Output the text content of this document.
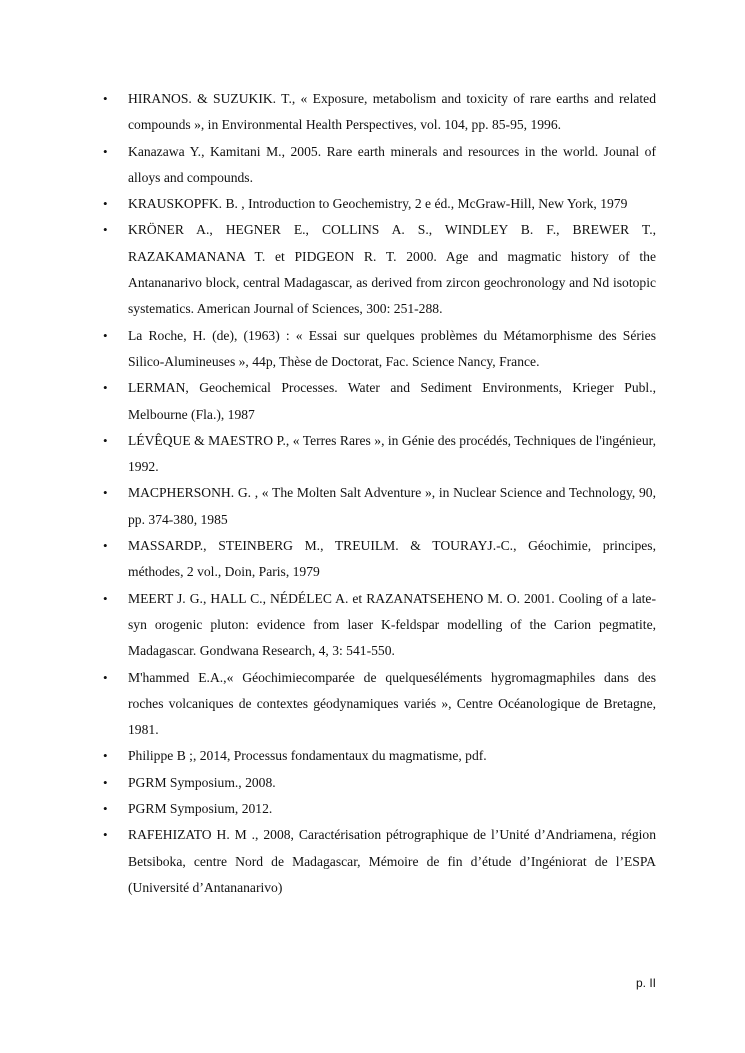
• HIRANOS. & SUZUKIK. T., « Exposure, metabolism and toxicity of rare earths and related compounds », in Environmental Health Perspectives, vol. 104, pp. 85-95, 1996.
• Kanazawa Y., Kamitani M., 2005. Rare earth minerals and resources in the world. Jounal of alloys and compounds.
• KRAUSKOPFK. B. , Introduction to Geochemistry, 2 e éd., McGraw-Hill, New York, 1979
• KRÖNER A., HEGNER E., COLLINS A. S., WINDLEY B. F., BREWER T., RAZAKAMANANA T. et PIDGEON R. T. 2000. Age and magmatic history of the Antananarivo block, central Madagascar, as derived from zircon geochronology and Nd isotopic systematics. American Journal of Sciences, 300: 251-288.
• La Roche, H. (de), (1963) : « Essai sur quelques problèmes du Métamorphisme des Séries Silico-Alumineuses », 44p, Thèse de Doctorat, Fac. Science Nancy, France.
• LERMAN, Geochemical Processes. Water and Sediment Environments, Krieger Publ., Melbourne (Fla.), 1987
• LÉVÊQUE & MAESTRO P., « Terres Rares », in Génie des procédés, Techniques de l'ingénieur, 1992.
• MACPHERSONH. G. , « The Molten Salt Adventure », in Nuclear Science and Technology, 90, pp. 374-380, 1985
• MASSARDP., STEINBERG M., TREUILM. & TOURAYJ.-C., Géochimie, principes, méthodes, 2 vol., Doin, Paris, 1979
• MEERT J. G., HALL C., NÉDÉLEC A. et RAZANATSEHENO M. O. 2001. Cooling of a late-syn orogenic pluton: evidence from laser K-feldspar modelling of the Carion pegmatite, Madagascar. Gondwana Research, 4, 3: 541-550.
• M'hammed E.A.,« Géochimiecomparée de quelqueséléments hygromagmaphiles dans des roches volcaniques de contextes géodynamiques variés », Centre Océanologique de Bretagne, 1981.
• Philippe B ;, 2014, Processus fondamentaux du magmatisme, pdf.
• PGRM Symposium., 2008.
• PGRM Symposium, 2012.
• RAFEHIZATO H. M ., 2008, Caractérisation pétrographique de l’Unité d’Andriamena, région Betsiboka, centre Nord de Madagascar, Mémoire de fin d’étude d’Ingéniorat de l’ESPA (Université d’Antananarivo)
p. II
